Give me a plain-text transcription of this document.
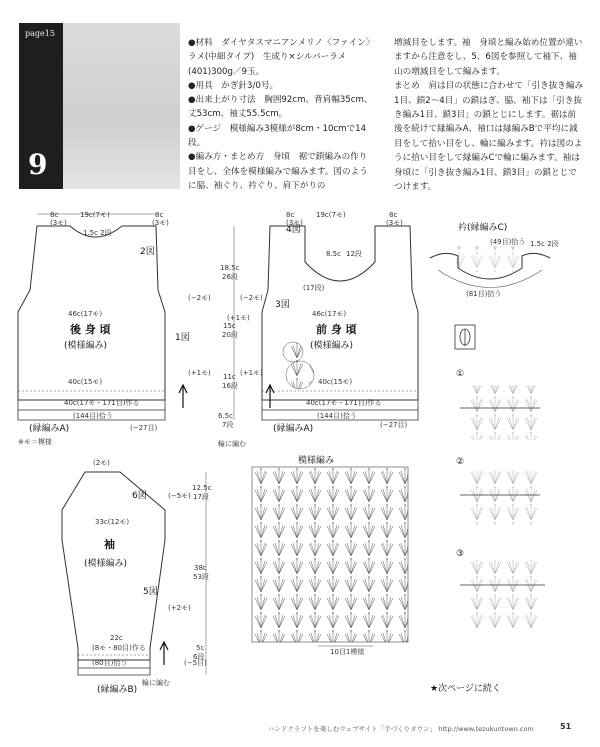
page15
9

●材料　ダイヤタスマニアンメリノ〈ファイン〉ラメ(中細タイプ)　生成り×シルバーラメ(401)300g／9玉。

●用具　かぎ針3/0号。

●出来上がり寸法　胸囲92cm、背肩幅35cm、丈53cm、袖丈55.5cm。

●ゲージ　模様編み3模様が8cm・10cmで14段。

●編み方・まとめ方　身頃　裾で鎖編みの作り目をし、全体を模様編みで編みます。図のように脇、袖ぐり、衿ぐり、肩下がりの

増減目をします。袖　身頃と編み始め位置が違いますから注意をし、5、6図を参照して袖下、袖山の増減目をして編みます。

まとめ　肩は目の状態に合わせて「引き抜き編み1目、鎖2〜4目」の鎖はぎ、脇、袖下は「引き抜き編み1目、鎖3目」の鎖とじにします。裾は前後を続けて縁編みA、袖口は縁編みBで平均に減目をして拾い目をし、輪に編みます。衿は図のように拾い目をして縁編みCで輪に編みます。袖は身頃に「引き抜き編み1目、鎖3目」の鎖とじでつけます。

8c
(3モ)
19c(7モ)	8c
(3モ)
1.5c 2段
2図
1図
46c(17モ)
後 身 頃
(模様編み)
40c(15モ)
40c(17モ・171目)作る
(144目)拾う
(−27目)
(縁編みA)
※モ＝模様
(−2モ)
(+1モ)
18.5c
26段
15c
20段
11c
16段
6.5c
7段
輪に編む
(+1モ)
8c
(3モ)
19c(7モ)	8c
(3モ)
4図
3図
8.5c 12段
(17段)
46c(17モ)
前 身 頃
(模様編み)
40c(15モ)
40c(17モ・171目)作る
(144目)拾う
(−27目)
(縁編みA)
(−2モ)
(+1モ)
衿(縁編みC)
(49目)拾う 1.5c 2段
(81目)拾う
①
②
③
(2モ)
6図	(−5モ)
33c(12モ)
袖
(模様編み)
5図
(+2モ)
22c
(8モ・80目)作る
(80目)拾う	(−5目)
輪に編む
(縁編みB)
12.5c
17段
38c
53段
5c
6段
模様編み
10目1模様
★次ページに続く
ハンドクラフトを楽しむウェブサイト「手づくりタウン」 http://www.tezukuritown.com	51
